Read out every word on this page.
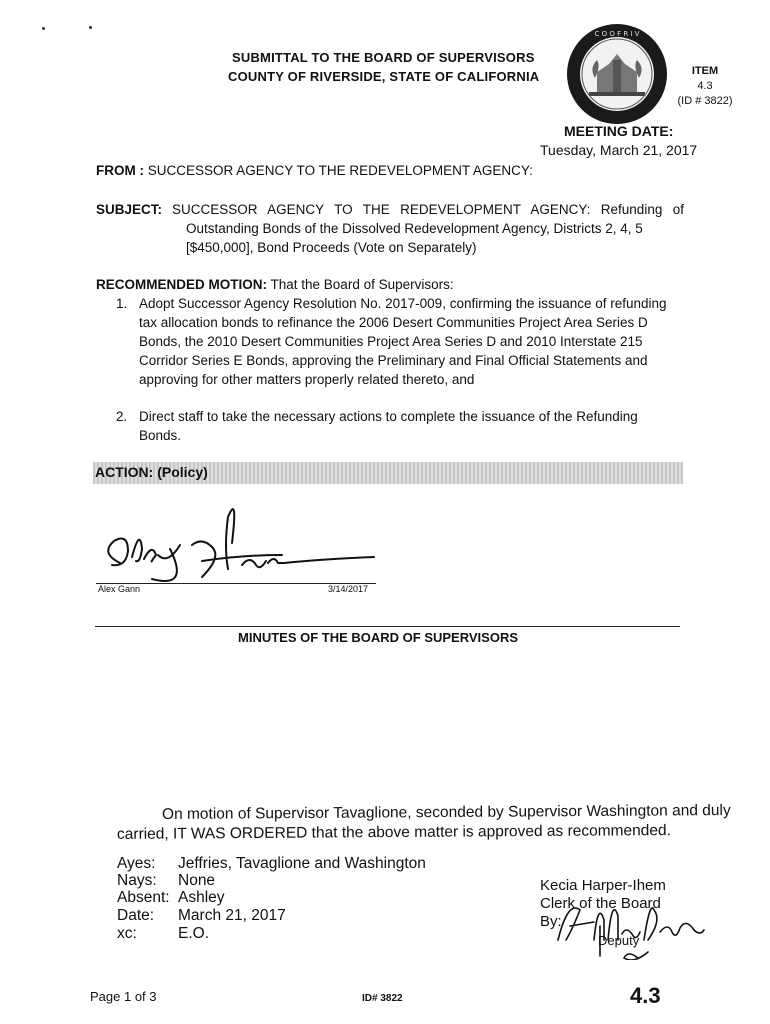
SUBMITTAL TO THE BOARD OF SUPERVISORS
COUNTY OF RIVERSIDE, STATE OF CALIFORNIA
C O O F R I V
ITEM
4.3
(ID # 3822)
MEETING DATE:
Tuesday, March 21, 2017
FROM : SUCCESSOR AGENCY TO THE REDEVELOPMENT AGENCY:
SUBJECT: SUCCESSOR AGENCY TO THE REDEVELOPMENT AGENCY: Refunding of
Outstanding Bonds of the Dissolved Redevelopment Agency, Districts 2, 4, 5
[$450,000], Bond Proceeds (Vote on Separately)
RECOMMENDED MOTION: That the Board of Supervisors:
1. Adopt Successor Agency Resolution No. 2017-009, confirming the issuance of refunding
tax allocation bonds to refinance the 2006 Desert Communities Project Area Series D
Bonds, the 2010 Desert Communities Project Area Series D and 2010 Interstate 215
Corridor Series E Bonds, approving the Preliminary and Final Official Statements and
approving for other matters properly related thereto, and
2. Direct staff to take the necessary actions to complete the issuance of the Refunding
Bonds.
ACTION: (Policy)
Alex Gann	3/14/2017
MINUTES OF THE BOARD OF SUPERVISORS
On motion of Supervisor Tavaglione, seconded by Supervisor Washington and duly
carried, IT WAS ORDERED that the above matter is approved as recommended.
Ayes: Jeffries, Tavaglione and Washington
Nays: None
Absent: Ashley
Date: March 21, 2017
xc:	E.O.
Kecia Harper-Ihem
Clerk of the Board
By:
Deputy
Page 1 of 3	ID# 3822	4.3
